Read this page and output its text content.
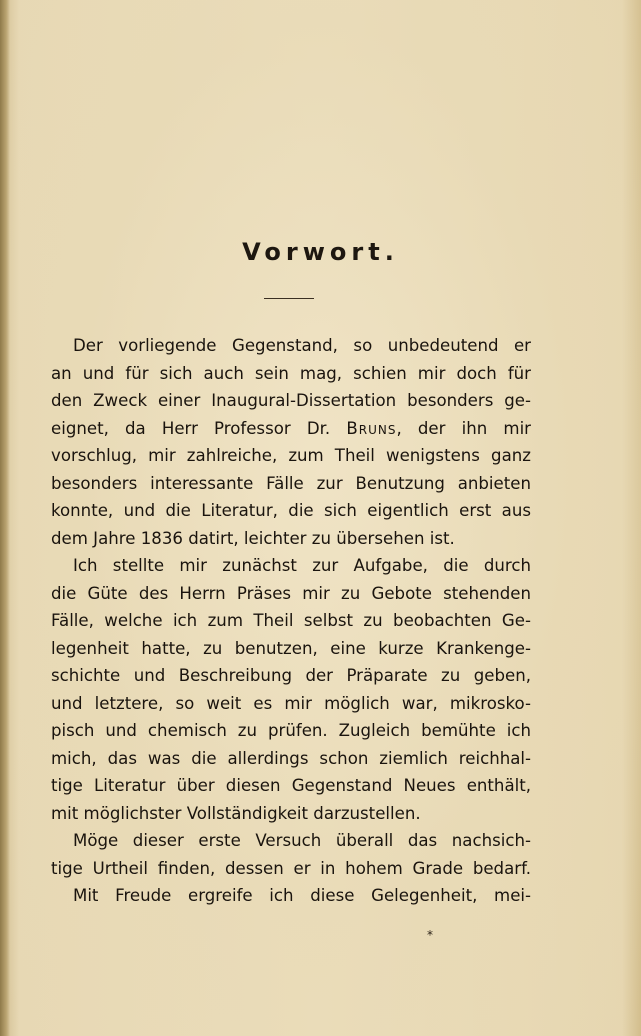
Vorwort.
Der vorliegende Gegenstand, so unbedeutend er
an und für sich auch sein mag, schien mir doch für
den Zweck einer Inaugural-Dissertation besonders ge-
eignet, da Herr Professor Dr. Bruns, der ihn mir
vorschlug, mir zahlreiche, zum Theil wenigstens ganz
besonders interessante Fälle zur Benutzung anbieten
konnte, und die Literatur, die sich eigentlich erst aus
dem Jahre 1836 datirt, leichter zu übersehen ist.
Ich stellte mir zunächst zur Aufgabe, die durch
die Güte des Herrn Präses mir zu Gebote stehenden
Fälle, welche ich zum Theil selbst zu beobachten Ge-
legenheit hatte, zu benutzen, eine kurze Krankenge-
schichte und Beschreibung der Präparate zu geben,
und letztere, so weit es mir möglich war, mikrosko-
pisch und chemisch zu prüfen. Zugleich bemühte ich
mich, das was die allerdings schon ziemlich reichhal-
tige Literatur über diesen Gegenstand Neues enthält,
mit möglichster Vollständigkeit darzustellen.
Möge dieser erste Versuch überall das nachsich-
tige Urtheil finden, dessen er in hohem Grade bedarf.
Mit Freude ergreife ich diese Gelegenheit, mei-
*
